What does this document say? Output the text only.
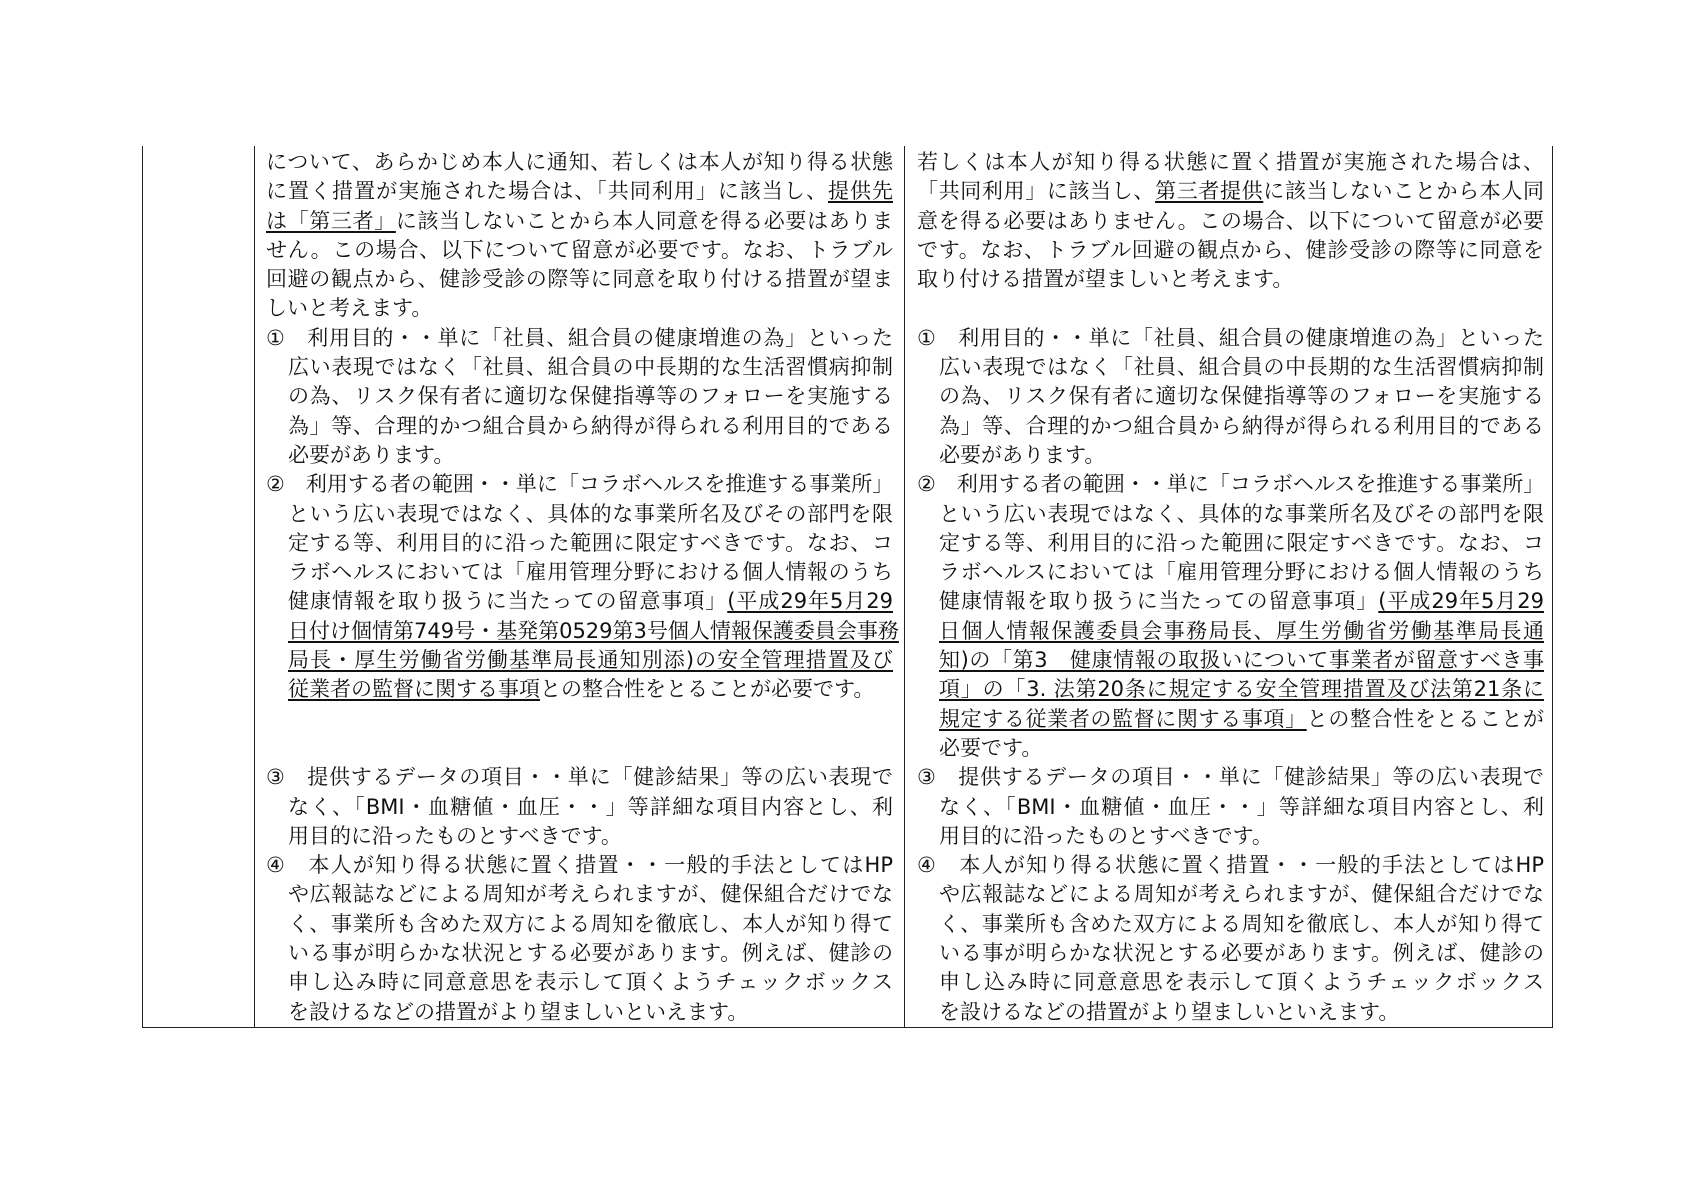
について、あらかじめ本人に通知、若しくは本人が知り得る状態
に置く措置が実施された場合は、「共同利用」に該当し、提供先
は「第三者」に該当しないことから本人同意を得る必要はありま
せん。この場合、以下について留意が必要です。なお、トラブル
回避の観点から、健診受診の際等に同意を取り付ける措置が望ま
しいと考えます。
①　利用目的・・単に「社員、組合員の健康増進の為」といった
広い表現ではなく「社員、組合員の中長期的な生活習慣病抑制
の為、リスク保有者に適切な保健指導等のフォローを実施する
為」等、合理的かつ組合員から納得が得られる利用目的である
必要があります。
②　利用する者の範囲・・単に「コラボヘルスを推進する事業所」
という広い表現ではなく、具体的な事業所名及びその部門を限
定する等、利用目的に沿った範囲に限定すべきです。なお、コ
ラボヘルスにおいては「雇用管理分野における個人情報のうち
健康情報を取り扱うに当たっての留意事項」(平成29年5月29
日付け個情第749号・基発第0529第3号個人情報保護委員会事務
局長・厚生労働省労働基準局長通知別添)の安全管理措置及び
従業者の監督に関する事項との整合性をとることが必要です。
③　提供するデータの項目・・単に「健診結果」等の広い表現で
なく、「BMI・血糖値・血圧・・」等詳細な項目内容とし、利
用目的に沿ったものとすべきです。
④　本人が知り得る状態に置く措置・・一般的手法としてはHP
や広報誌などによる周知が考えられますが、健保組合だけでな
く、事業所も含めた双方による周知を徹底し、本人が知り得て
いる事が明らかな状況とする必要があります。例えば、健診の
申し込み時に同意意思を表示して頂くようチェックボックス
を設けるなどの措置がより望ましいといえます。
若しくは本人が知り得る状態に置く措置が実施された場合は、
「共同利用」に該当し、第三者提供に該当しないことから本人同
意を得る必要はありません。この場合、以下について留意が必要
です。なお、トラブル回避の観点から、健診受診の際等に同意を
取り付ける措置が望ましいと考えます。
①　利用目的・・単に「社員、組合員の健康増進の為」といった
広い表現ではなく「社員、組合員の中長期的な生活習慣病抑制
の為、リスク保有者に適切な保健指導等のフォローを実施する
為」等、合理的かつ組合員から納得が得られる利用目的である
必要があります。
②　利用する者の範囲・・単に「コラボヘルスを推進する事業所」
という広い表現ではなく、具体的な事業所名及びその部門を限
定する等、利用目的に沿った範囲に限定すべきです。なお、コ
ラボヘルスにおいては「雇用管理分野における個人情報のうち
健康情報を取り扱うに当たっての留意事項」(平成29年5月29
日個人情報保護委員会事務局長、厚生労働省労働基準局長通
知)の「第3　健康情報の取扱いについて事業者が留意すべき事
項」の「3. 法第20条に規定する安全管理措置及び法第21条に
規定する従業者の監督に関する事項」との整合性をとることが
必要です。
③　提供するデータの項目・・単に「健診結果」等の広い表現で
なく、「BMI・血糖値・血圧・・」等詳細な項目内容とし、利
用目的に沿ったものとすべきです。
④　本人が知り得る状態に置く措置・・一般的手法としてはHP
や広報誌などによる周知が考えられますが、健保組合だけでな
く、事業所も含めた双方による周知を徹底し、本人が知り得て
いる事が明らかな状況とする必要があります。例えば、健診の
申し込み時に同意意思を表示して頂くようチェックボックス
を設けるなどの措置がより望ましいといえます。
